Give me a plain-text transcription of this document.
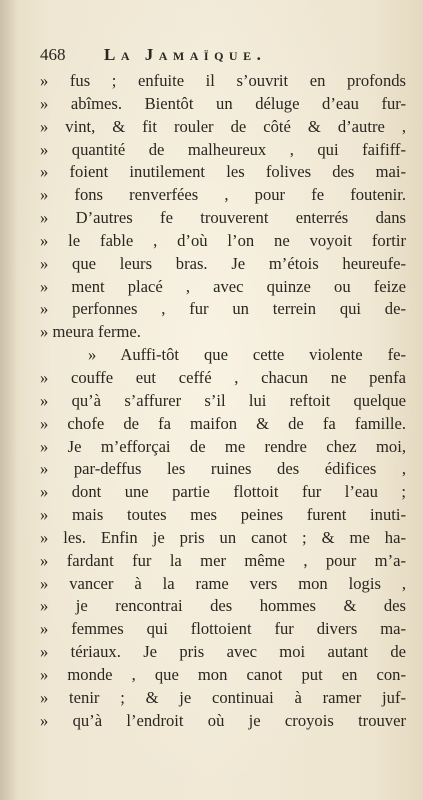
468 La Jamaïque.
» fus ; enfuite il s’ouvrit en profonds
» abîmes. Bientôt un déluge d’eau fur-
» vint, & fit rouler de côté & d’autre ,
» quantité de malheureux , qui faififf-
» foient inutilement les folives des mai-
» fons renverfées , pour fe foutenir.
» D’autres fe trouverent enterrés dans
» le fable , d’où l’on ne voyoit fortir
» que leurs bras. Je m’étois heureufe-
» ment placé , avec quinze ou feize
» perfonnes , fur un terrein qui de-
» meura ferme.
» Auffi-tôt que cette violente fe-
» couffe eut ceffé , chacun ne penfa
» qu’à s’affurer s’il lui reftoit quelque
» chofe de fa maifon & de fa famille.
» Je m’efforçai de me rendre chez moi,
» par-deffus les ruines des édifices ,
» dont une partie flottoit fur l’eau ;
» mais toutes mes peines furent inuti-
» les. Enfin je pris un canot ; & me ha-
» fardant fur la mer même , pour m’a-
» vancer à la rame vers mon logis ,
» je rencontrai des hommes & des
» femmes qui flottoient fur divers ma-
» tériaux. Je pris avec moi autant de
» monde , que mon canot put en con-
» tenir ; & je continuai à ramer juf-
» qu’à l’endroit où je croyois trouver
